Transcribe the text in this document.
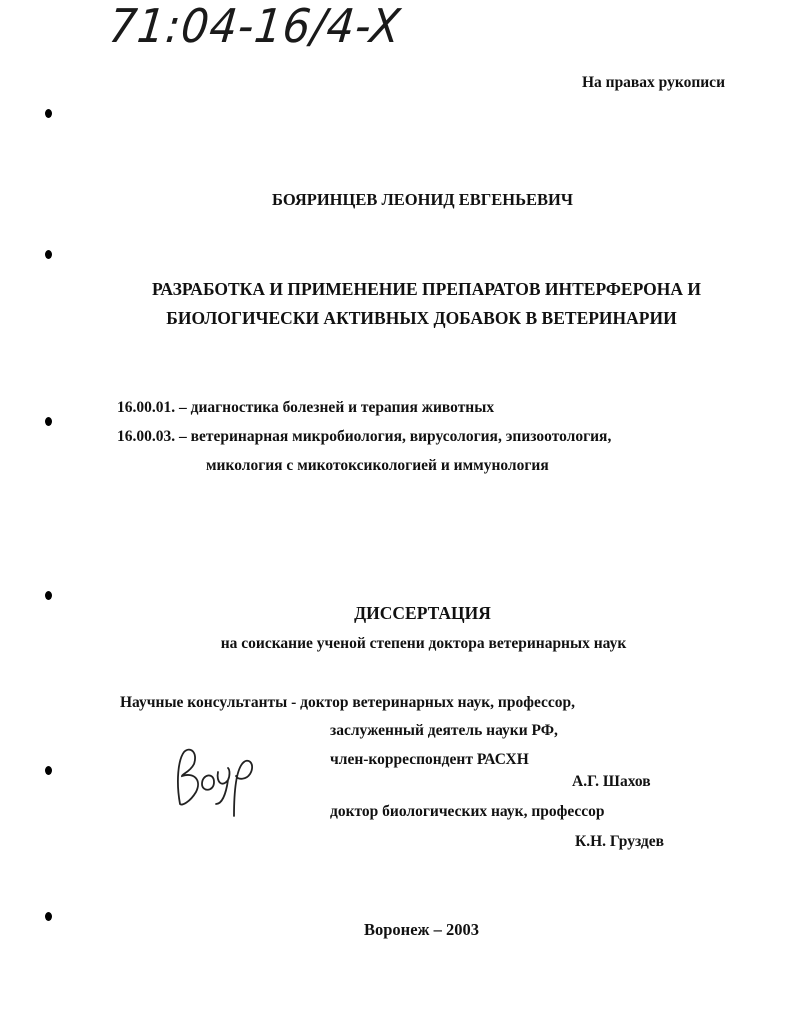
71:04-16/4-X
На правах рукописи
БОЯРИНЦЕВ ЛЕОНИД ЕВГЕНЬЕВИЧ
РАЗРАБОТКА И ПРИМЕНЕНИЕ ПРЕПАРАТОВ ИНТЕРФЕРОНА И
БИОЛОГИЧЕСКИ АКТИВНЫХ ДОБАВОК В ВЕТЕРИНАРИИ
16.00.01. – диагностика болезней и терапия животных
16.00.03. – ветеринарная микробиология, вирусология, эпизоотология,
микология с микотоксикологией и иммунология
ДИССЕРТАЦИЯ
на соискание ученой степени доктора ветеринарных наук
Научные консультанты - доктор ветеринарных наук, профессор,
заслуженный деятель науки РФ,
член-корреспондент РАСХН
А.Г. Шахов
доктор биологических наук, профессор
К.Н. Груздев
Воронеж – 2003
